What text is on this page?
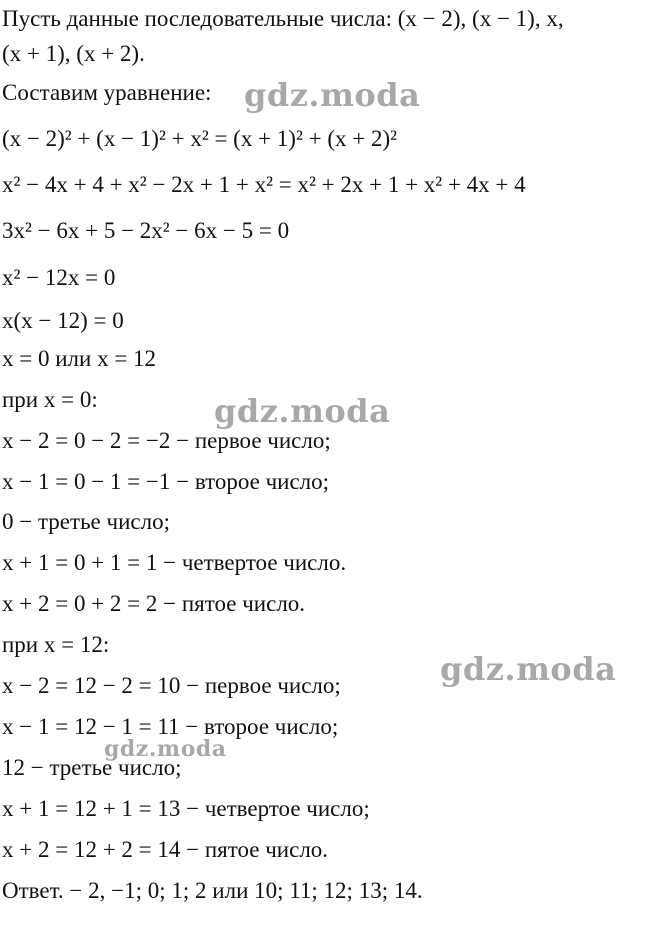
Пусть данные последовательные числа: (x − 2), (x − 1), x,
(x + 1), (x + 2).
Составим уравнение:
(x − 2)² + (x − 1)² + x² = (x + 1)² + (x + 2)²
x² − 4x + 4 + x² − 2x + 1 + x² = x² + 2x + 1 + x² + 4x + 4
3x² − 6x + 5 − 2x² − 6x − 5 = 0
x² − 12x = 0
x(x − 12) = 0
x = 0 или x = 12
при x = 0:
x − 2 = 0 − 2 = −2 − первое число;
x − 1 = 0 − 1 = −1 − второе число;
0 − третье число;
x + 1 = 0 + 1 = 1 − четвертое число.
x + 2 = 0 + 2 = 2 − пятое число.
при x = 12:
x − 2 = 12 − 2 = 10 − первое число;
x − 1 = 12 − 1 = 11 − второе число;
12 − третье число;
x + 1 = 12 + 1 = 13 − четвертое число;
x + 2 = 12 + 2 = 14 − пятое число.
Ответ. − 2, −1; 0; 1; 2 или 10; 11; 12; 13; 14.
gdz.moda
gdz.moda
gdz.moda
gdz.moda
